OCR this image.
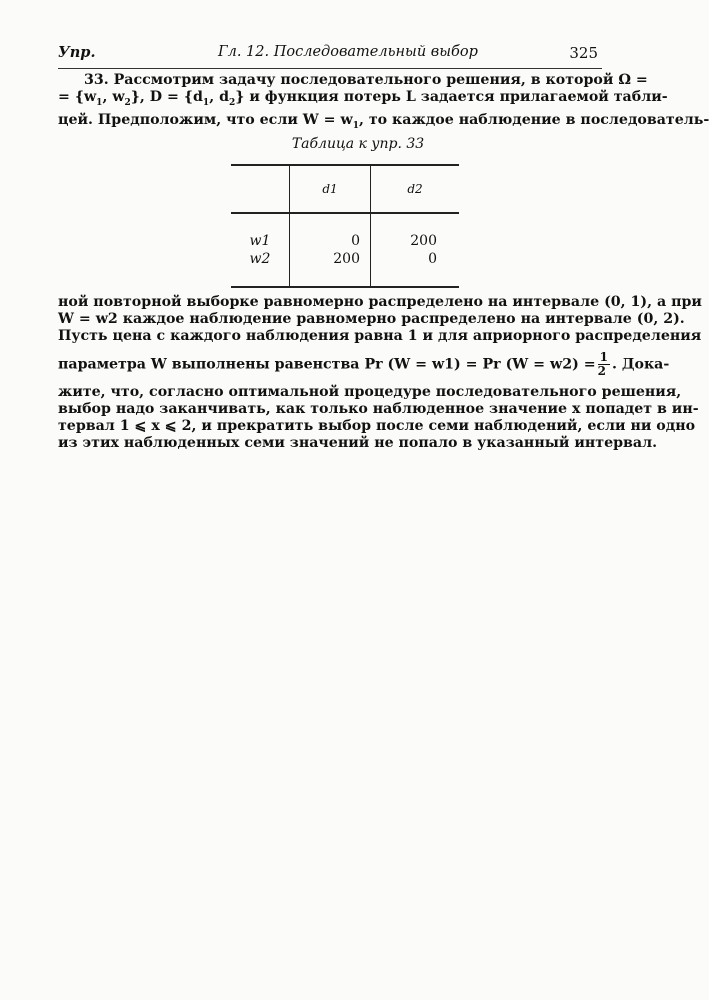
Упр.	Гл. 12. Последовательный выбор	325
33. Рассмотрим задачу последовательного решения, в которой Ω =
= {$w_1$, $w_2$}, $D = \{d_1$, $d_2$} и функция потерь L задается прилагаемой табли-
цей. Предположим, что если $W = w_1$, то каждое наблюдение в последователь-
Таблица к упр. 33
	d1	d2

w1	0	200
w2	200	0

ной повторной выборке равномерно распределено на интервале (0, 1), а при
W = w2 каждое наблюдение равномерно распределено на интервале (0, 2).
Пусть цена c каждого наблюдения равна 1 и для априорного распределения
параметра W выполнены равенства Pr (W = w1) = Pr $(W = w2) = \frac{1}{2}$ . Дока-
жите, что, согласно оптимальной процедуре последовательного решения,
выбор надо заканчивать, как только наблюденное значение x попадет в ин-
тервал 1 ⩽ x ⩽ 2, и прекратить выбор после семи наблюдений, если ни одно
из этих наблюденных семи значений не попало в указанный интервал.
